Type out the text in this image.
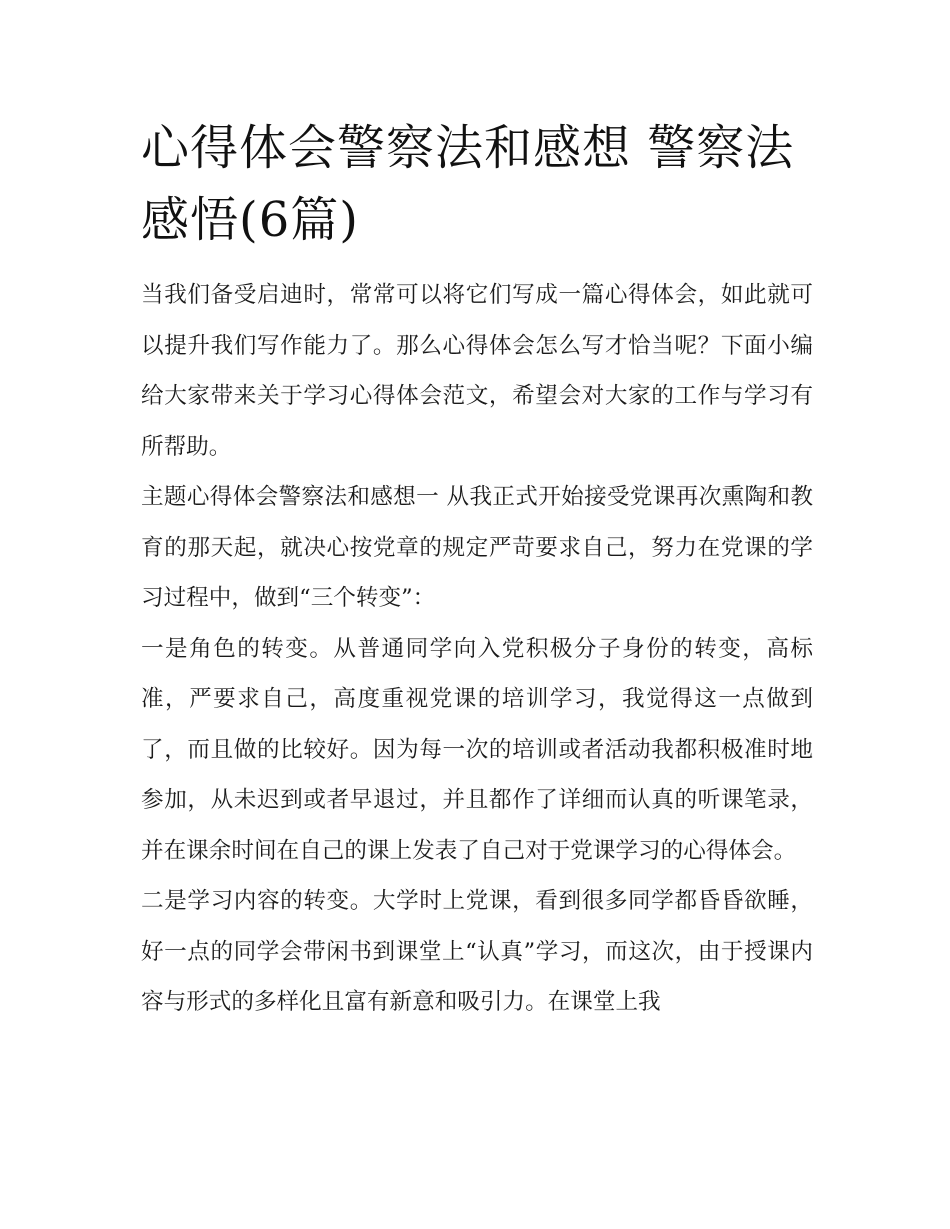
心得体会警察法和感想 警察法感悟(6篇)

当我们备受启迪时，常常可以将它们写成一篇心得体会，如此就可以提升我们写作能力了。那么心得体会怎么写才恰当呢？下面小编给大家带来关于学习心得体会范文，希望会对大家的工作与学习有所帮助。

主题心得体会警察法和感想一 从我正式开始接受党课再次熏陶和教育的那天起，就决心按党章的规定严苛要求自己，努力在党课的学习过程中，做到“三个转变”：

一是角色的转变。从普通同学向入党积极分子身份的转变，高标准，严要求自己，高度重视党课的培训学习，我觉得这一点做到了，而且做的比较好。因为每一次的培训或者活动我都积极准时地参加，从未迟到或者早退过，并且都作了详细而认真的听课笔录，并在课余时间在自己的课上发表了自己对于党课学习的心得体会。

二是学习内容的转变。大学时上党课，看到很多同学都昏昏欲睡，好一点的同学会带闲书到课堂上“认真”学习，而这次，由于授课内容与形式的多样化且富有新意和吸引力。在课堂上我
